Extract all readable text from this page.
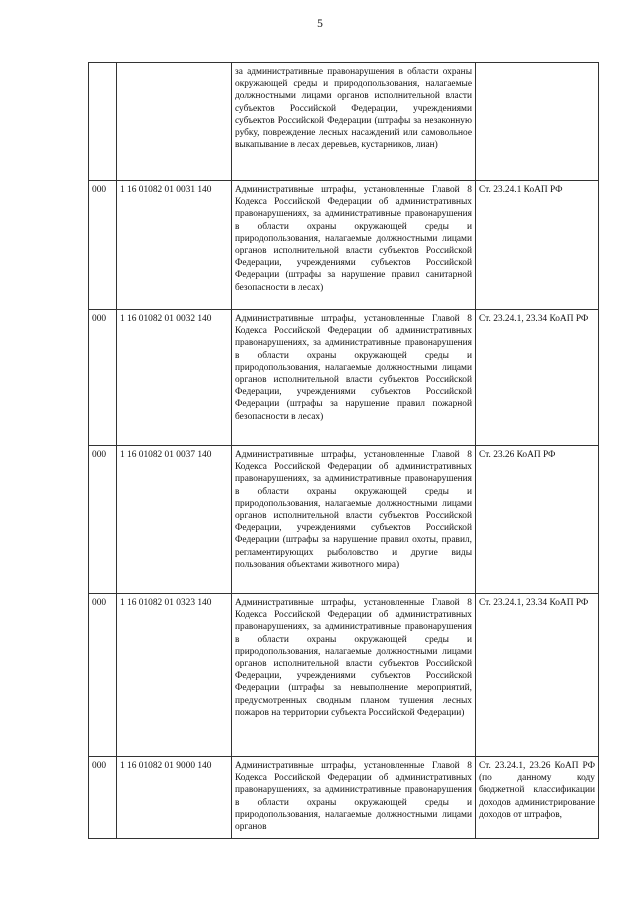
5
		за административные правонарушения в области охраны окружающей среды и природопользования, налагаемые должностными лицами органов исполнительной власти субъектов Российской Федерации, учреждениями субъектов Российской Федерации (штрафы за незаконную рубку, повреждение лесных насаждений или самовольное выкапывание в лесах деревьев, кустарников, лиан)	
000	1 16 01082 01 0031 140	Административные штрафы, установленные Главой 8 Кодекса Российской Федерации об административных правонарушениях, за административные правонарушения в области охраны окружающей среды и природопользования, налагаемые должностными лицами органов исполнительной власти субъектов Российской Федерации, учреждениями субъектов Российской Федерации (штрафы за нарушение правил санитарной безопасности в лесах)	Ст. 23.24.1 КоАП РФ
000	1 16 01082 01 0032 140	Административные штрафы, установленные Главой 8 Кодекса Российской Федерации об административных правонарушениях, за административные правонарушения в области охраны окружающей среды и природопользования, налагаемые должностными лицами органов исполнительной власти субъектов Российской Федерации, учреждениями субъектов Российской Федерации (штрафы за нарушение правил пожарной безопасности в лесах)	Ст. 23.24.1, 23.34 КоАП РФ
000	1 16 01082 01 0037 140	Административные штрафы, установленные Главой 8 Кодекса Российской Федерации об административных правонарушениях, за административные правонарушения в области охраны окружающей среды и природопользования, налагаемые должностными лицами органов исполнительной власти субъектов Российской Федерации, учреждениями субъектов Российской Федерации (штрафы за нарушение правил охоты, правил, регламентирующих рыболовство и другие виды пользования объектами животного мира)	Ст. 23.26 КоАП РФ
000	1 16 01082 01 0323 140	Административные штрафы, установленные Главой 8 Кодекса Российской Федерации об административных правонарушениях, за административные правонарушения в области охраны окружающей среды и природопользования, налагаемые должностными лицами органов исполнительной власти субъектов Российской Федерации, учреждениями субъектов Российской Федерации (штрафы за невыполнение мероприятий, предусмотренных сводным планом тушения лесных пожаров на территории субъекта Российской Федерации)	Ст. 23.24.1, 23.34 КоАП РФ
000	1 16 01082 01 9000 140	Административные штрафы, установленные Главой 8 Кодекса Российской Федерации об административных правонарушениях, за административные правонарушения в области охраны окружающей среды и природопользования, налагаемые должностными лицами органов	Ст. 23.24.1, 23.26 КоАП РФ (по данному коду бюджетной классификации доходов администрирование доходов от штрафов,
